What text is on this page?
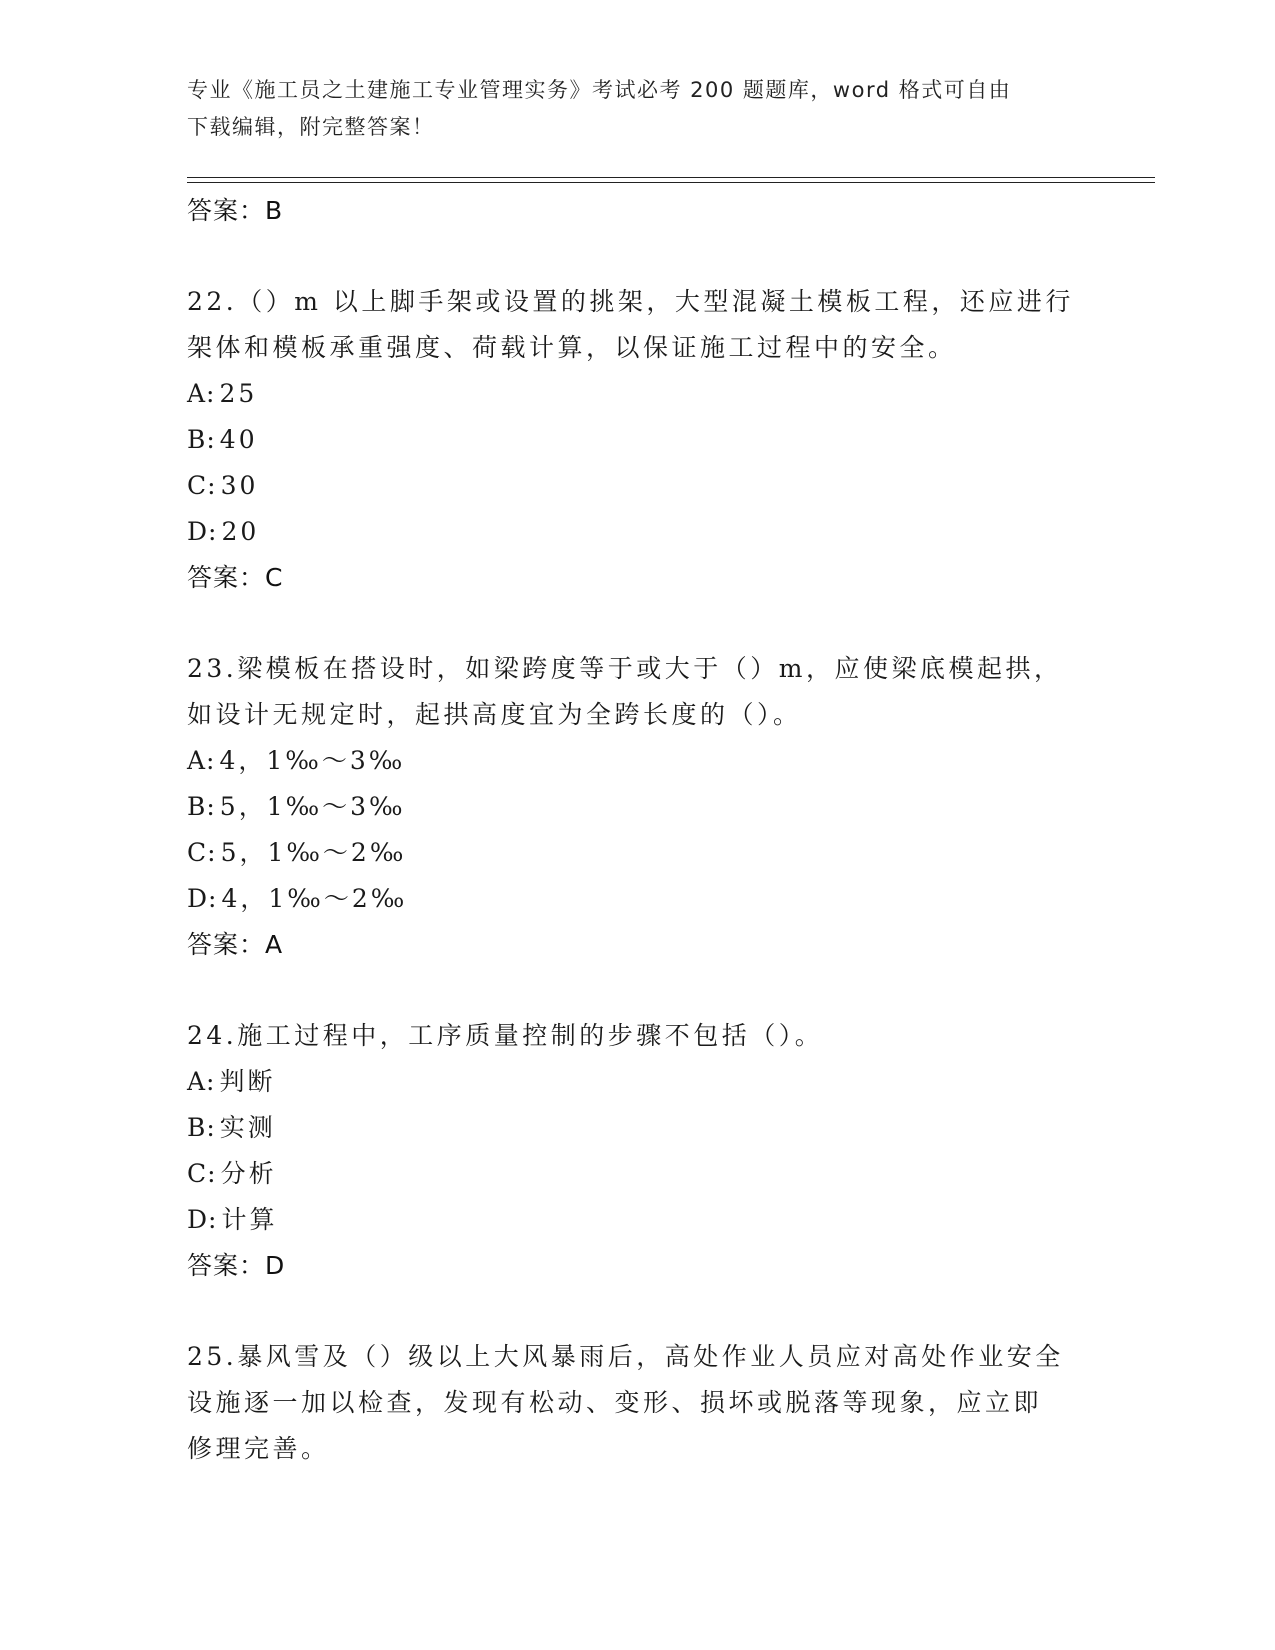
专业《施工员之土建施工专业管理实务》考试必考 200 题题库，word 格式可自由
下载编辑，附完整答案！
答案：B
22.（）m 以上脚手架或设置的挑架，大型混凝土模板工程，还应进行
架体和模板承重强度、荷载计算，以保证施工过程中的安全。
A: 25
B: 40
C: 30
D: 20
答案：C
23.梁模板在搭设时，如梁跨度等于或大于（）m，应使梁底模起拱，
如设计无规定时，起拱高度宜为全跨长度的（）。
A: 4，1‰～3‰
B: 5，1‰～3‰
C: 5，1‰～2‰
D: 4，1‰～2‰
答案：A
24.施工过程中，工序质量控制的步骤不包括（）。
A: 判断
B: 实测
C: 分析
D: 计算
答案：D
25.暴风雪及（）级以上大风暴雨后，高处作业人员应对高处作业安全
设施逐一加以检查，发现有松动、变形、损坏或脱落等现象，应立即
修理完善。
